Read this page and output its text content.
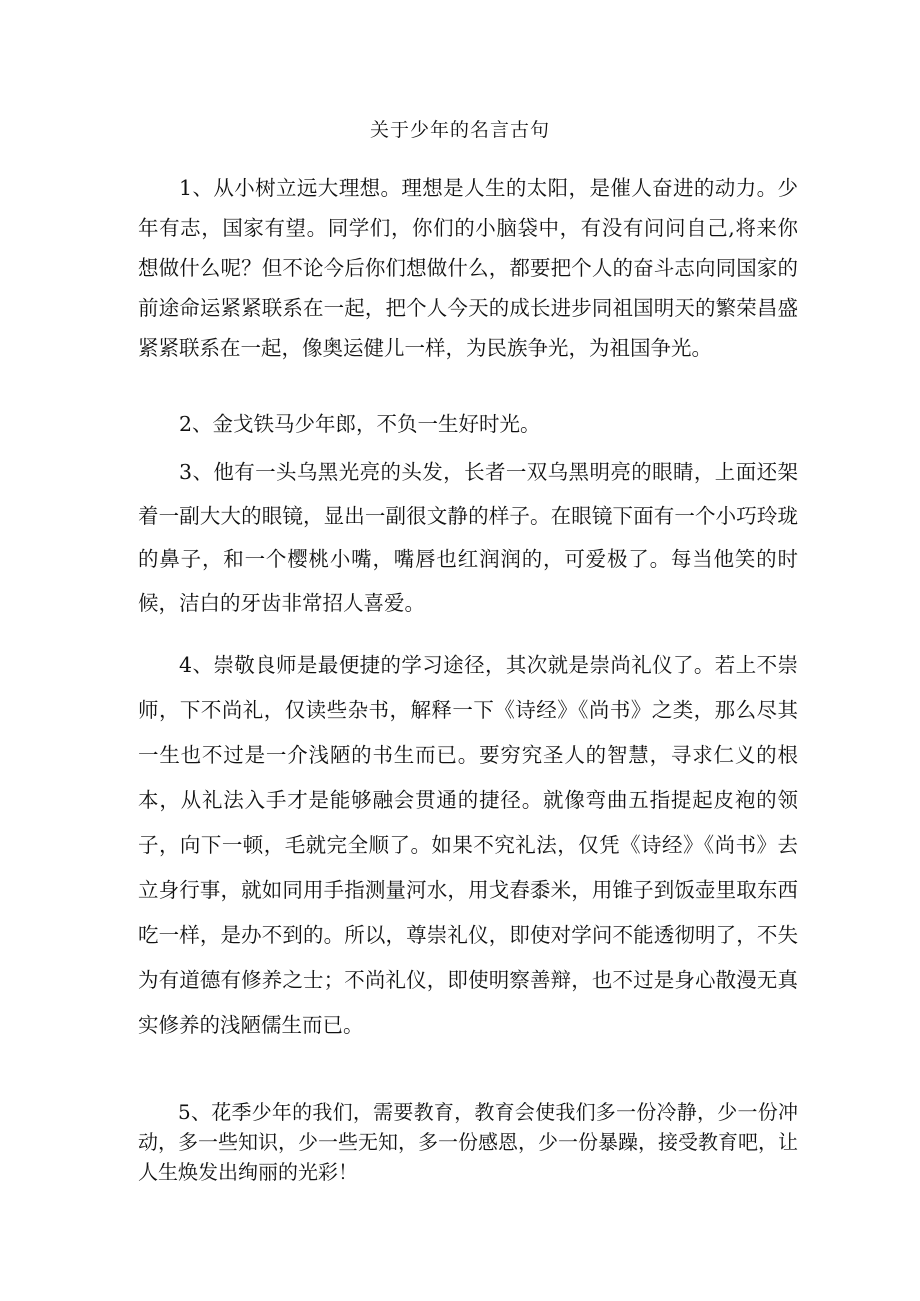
关于少年的名言古句

1、从小树立远大理想。理想是人生的太阳，是催人奋进的动力。少年有志，国家有望。同学们，你们的小脑袋中，有没有问问自己,将来你想做什么呢？但不论今后你们想做什么，都要把个人的奋斗志向同国家的前途命运紧紧联系在一起，把个人今天的成长进步同祖国明天的繁荣昌盛紧紧联系在一起，像奥运健儿一样，为民族争光，为祖国争光。

2、金戈铁马少年郎，不负一生好时光。

3、他有一头乌黑光亮的头发，长者一双乌黑明亮的眼睛，上面还架着一副大大的眼镜，显出一副很文静的样子。在眼镜下面有一个小巧玲珑的鼻子，和一个樱桃小嘴，嘴唇也红润润的，可爱极了。每当他笑的时候，洁白的牙齿非常招人喜爱。

4、崇敬良师是最便捷的学习途径，其次就是崇尚礼仪了。若上不崇师，下不尚礼，仅读些杂书，解释一下《诗经》《尚书》之类，那么尽其一生也不过是一介浅陋的书生而已。要穷究圣人的智慧，寻求仁义的根本，从礼法入手才是能够融会贯通的捷径。就像弯曲五指提起皮袍的领子，向下一顿，毛就完全顺了。如果不究礼法，仅凭《诗经》《尚书》去立身行事，就如同用手指测量河水，用戈舂黍米，用锥子到饭壶里取东西吃一样，是办不到的。所以，尊崇礼仪，即使对学问不能透彻明了，不失为有道德有修养之士；不尚礼仪，即使明察善辩，也不过是身心散漫无真实修养的浅陋儒生而已。

5、花季少年的我们，需要教育，教育会使我们多一份冷静，少一份冲动，多一些知识，少一些无知，多一份感恩，少一份暴躁，接受教育吧，让人生焕发出绚丽的光彩！
